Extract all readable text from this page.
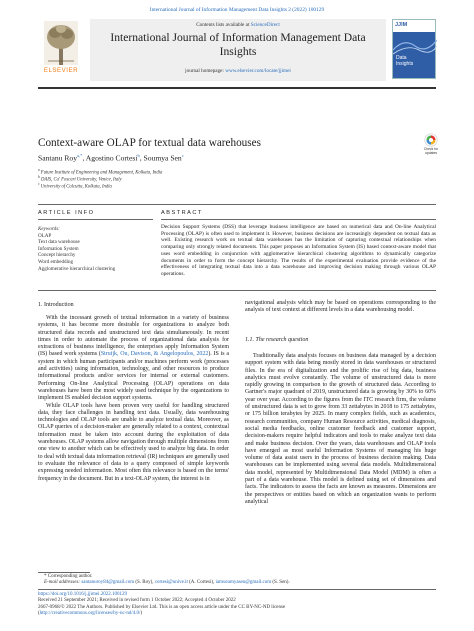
International Journal of Information Management Data Insights 2 (2022) 100129
ELSEVIER
Contents lists available at ScienceDirect
International Journal of Information Management Data Insights
journal homepage: www.elsevier.com/locate/jjimei
JJIM
Data
Insights
Context-aware OLAP for textual data warehouses	Check for updates
Santanu Roy$^{a,*}$, Agostino Cortesi$^b$, Soumya Sen$^c$
$^a$ Future Institute of Engineering and Management, Kolkata, India
$^b$ DAIS, Ca' Foscari University, Venice, Italy
$^c$ University of Calcutta, Kolkata, India
ARTICLE INFO	ABSTRACT
Keywords:
OLAP
Text data warehouse
Information System
Concept hierarchy
Word embedding
Agglomerative hierarchical clustering
Decision Support Systems (DSS) that leverage business intelligence are based on numerical data and On-line Analytical Processing (OLAP) is often used to implement it. However, business decisions are increasingly dependent on textual data as well. Existing research work on textual data warehouses has the limitation of capturing contextual relationships when comparing only strongly related documents. This paper proposes an Information System (IS) based context-aware model that uses word embedding in conjunction with agglomerative hierarchical clustering algorithms to dynamically categorize documents in order to form the concept hierarchy. The results of the experimental evaluation provide evidence of the effectiveness of integrating textual data into a data warehouse and improving decision making through various OLAP operations.
1. Introduction

With the incessant growth of textual information in a variety of business systems, it has become more desirable for organizations to analyze both structured data records and unstructured text data simultaneously. In recent times in order to automate the process of organizational data analysis for extractions of business intelligence, the enterprises apply Information System (IS) based work systems (Struijk, Ou, Davison, & Angelopoulos, 2022). IS is a system in which human participants and/or machines perform work (processes and activities) using information, technology, and other resources to produce informational products and/or services for internal or external customers. Performing On-line Analytical Processing (OLAP) operations on data warehouses have been the most widely used technique by the organizations to implement IS enabled decision support systems.

While OLAP tools have been proven very useful for handling structured data, they face challenges in handling text data. Usually, data warehousing technologies and OLAP tools are unable to analyze textual data. Moreover, as OLAP queries of a decision-maker are generally related to a context, contextual information must be taken into account during the exploitation of data warehouses. OLAP systems allow navigation through multiple dimensions from one view to another which can be effectively used to analyze big data. In order to deal with textual data information retrieval (IR) techniques are generally used to evaluate the relevance of data to a query composed of simple keywords expressing needed information. Most often this relevance is based on the terms' frequency in the document. But in a text-OLAP system, the interest is in

navigational analysis which may be based on operations corresponding to the analysis of text context at different levels in a data warehousing model.

1.1. The research question

Traditionally data analysis focuses on business data managed by a decision support system with data being mostly stored in data warehouses or structured files. In the era of digitalization and the prolific rise of big data, business analytics must evolve constantly. The volume of unstructured data is more rapidly growing in comparison to the growth of structured data. According to Gartner's major quadrant of 2019, unstructured data is growing by 30% to 60% year over year. According to the figures from the ITC research firm, the volume of unstructured data is set to grow from 33 zettabytes in 2018 to 175 zettabytes, or 175 billion terabytes by 2025. In many complex fields, such as academics, research communities, company Human Resource activities, medical diagnosis, social media feedbacks, online customer feedback and customer support, decision-makers require helpful indicators and tools to make analyze text data and make business decision. Over the years, data warehouses and OLAP tools have emerged as most useful Information Systems of managing his huge volume of data assist users in the process of business decision making. Data warehouses can be implemented using several data models. Multidimensional data model, represented by Multidimensional Data Model (MDM) is often a part of a data warehouse. This model is defined using set of dimensions and facts. The indicators to assess the facts are known as measures. Dimensions are the perspectives or entities based on which an organization wants to perform analytical

* Corresponding author.
E-mail addresses: santanuroy84@gmail.com (S. Roy), cortesi@unive.it (A. Cortesi), iamsoumyasen@gmail.com (S. Sen).
https://doi.org/10.1016/j.jjimei.2022.100129
Received 21 September 2021; Received in revised form 1 October 2022; Accepted 4 October 2022
2667-0968/© 2022 The Authors. Published by Elsevier Ltd. This is an open access article under the CC BY-NC-ND license
(http://creativecommons.org/licenses/by-nc-nd/4.0/)
